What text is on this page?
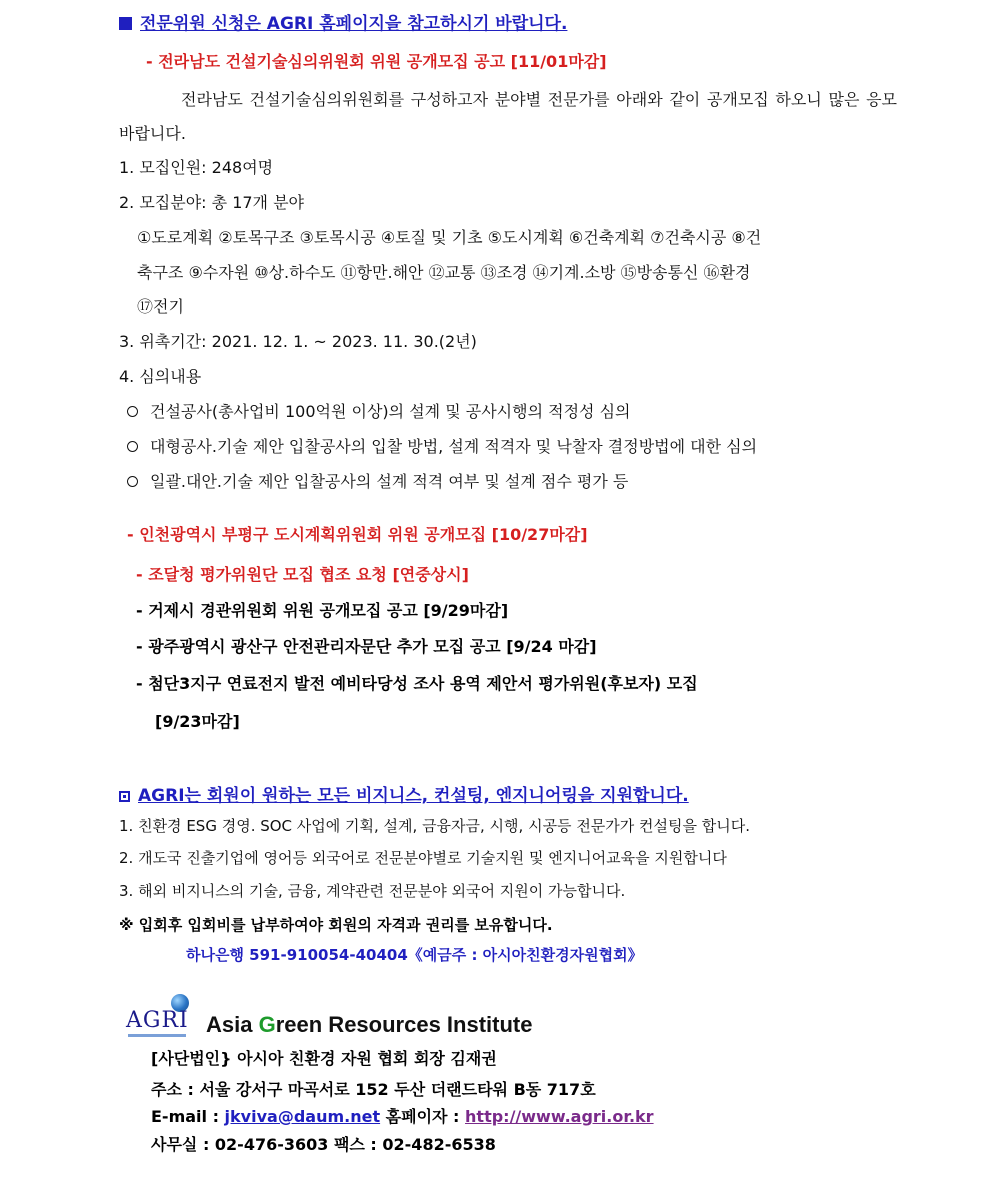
전문위원 신청은 AGRI 홈페이지을 참고하시기 바랍니다.
- 전라남도 건설기술심의위원회 위원 공개모집 공고 [11/01마감]
전라남도 건설기술심의위원회를 구성하고자 분야별 전문가를 아래와 같이 공개모집 하오니 많은 응모 바랍니다.
1. 모집인원: 248여명
2. 모집분야: 총 17개 분야
①도로계획 ②토목구조 ③토목시공 ④토질 및 기초 ⑤도시계획 ⑥건축계획 ⑦건축시공 ⑧건
축구조 ⑨수자원 ⑩상.하수도 ⑪항만.해안 ⑫교통 ⑬조경 ⑭기계.소방 ⑮방송통신 ⑯환경
⑰전기
3. 위촉기간: 2021. 12. 1. ~ 2023. 11. 30.(2년)
4. 심의내용
건설공사(총사업비 100억원 이상)의 설계 및 공사시행의 적정성 심의
대형공사.기술 제안 입찰공사의 입찰 방법, 설계 적격자 및 낙찰자 결정방법에 대한 심의
일괄.대안.기술 제안 입찰공사의 설계 적격 여부 및 설계 점수 평가 등
- 인천광역시 부평구 도시계획위원회 위원 공개모집 [10/27마감]
- 조달청 평가위원단 모집 협조 요청 [연중상시]
- 거제시 경관위원회 위원 공개모집 공고 [9/29마감]
- 광주광역시 광산구 안전관리자문단 추가 모집 공고 [9/24 마감]
- 첨단3지구 연료전지 발전 예비타당성 조사 용역 제안서 평가위원(후보자) 모집
[9/23마감]
AGRI는 회원이 원하는 모든 비지니스, 컨설팅, 엔지니어링을 지원합니다.
1. 친환경 ESG 경영. SOC 사업에 기획, 설계, 금융자금, 시행, 시공등 전문가가 컨설팅을 합니다.
2. 개도국 진출기업에 영어등 외국어로 전문분야별로 기술지원 및 엔지니어교육을 지원합니다
3. 해외 비지니스의 기술, 금융, 계약관련 전문분야 외국어 지원이 가능합니다.
※ 입회후 입회비를 납부하여야 회원의 자격과 권리를 보유합니다.
하나은행 591-910054-40404《예금주 : 아시아친환경자원협회》
AGRI Asia Green Resources Institute
[사단법인} 아시아 친환경 자원 협회 회장 김재권
주소 : 서울 강서구 마곡서로 152 두산 더랜드타워 B동 717호
E-mail : jkviva@daum.net 홈페이자 : http://www.agri.or.kr
사무실 : 02-476-3603 팩스 : 02-482-6538
